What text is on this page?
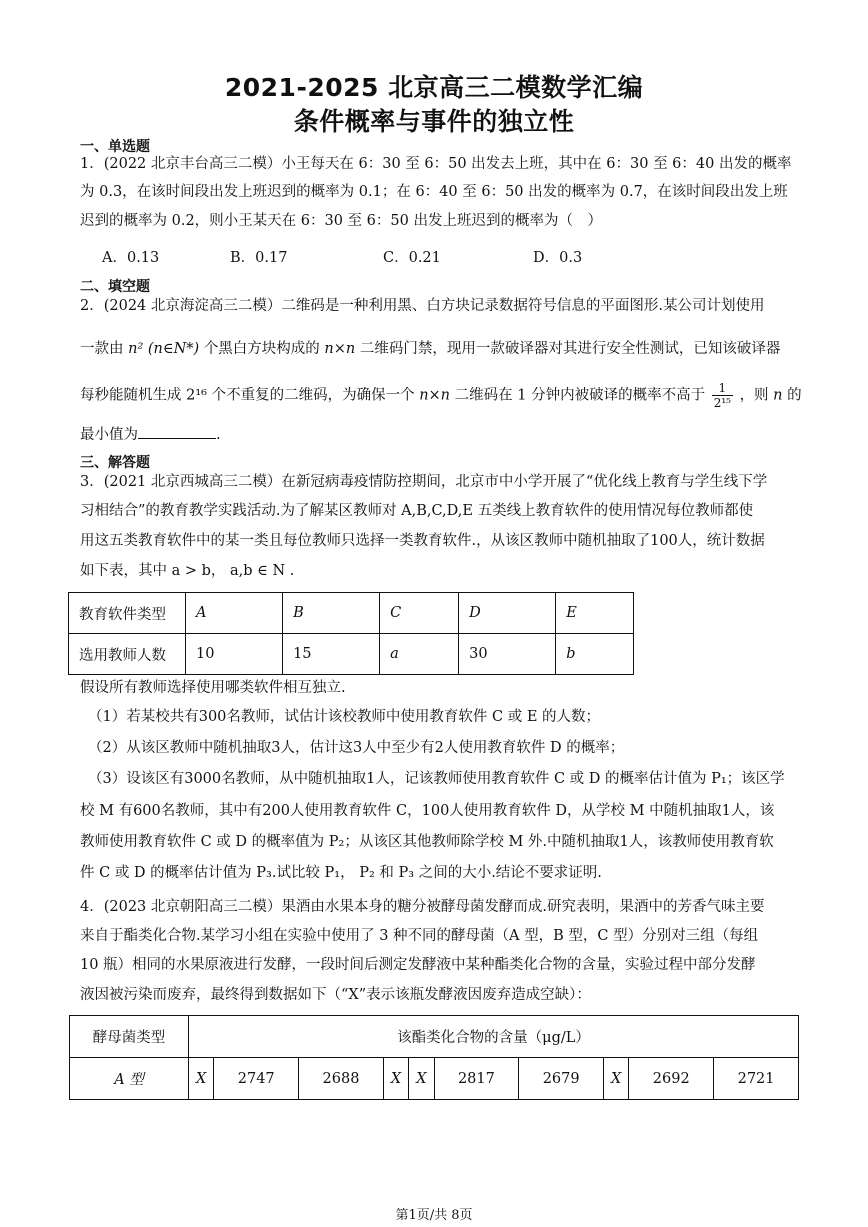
2021-2025 北京高三二模数学汇编
条件概率与事件的独立性
一、单选题
1．(2022 北京丰台高三二模）小王每天在 6：30 至 6：50 出发去上班，其中在 6：30 至 6：40 出发的概率
为 0.3，在该时间段出发上班迟到的概率为 0.1；在 6：40 至 6：50 出发的概率为 0.7，在该时间段出发上班
迟到的概率为 0.2，则小王某天在 6：30 至 6：50 出发上班迟到的概率为（　）
A．0.13	B．0.17	C．0.21	D．0.3
二、填空题
2．(2024 北京海淀高三二模）二维码是一种利用黑、白方块记录数据符号信息的平面图形.某公司计划使用
一款由 n² (n∈N*) 个黑白方块构成的 n×n 二维码门禁，现用一款破译器对其进行安全性测试，已知该破译器
每秒能随机生成 2¹⁶ 个不重复的二维码，为确保一个 n×n 二维码在 1 分钟内被破译的概率不高于 $\frac{1}{\text{2¹⁵}}$ ，则 n 的
最小值为	.
三、解答题
3．(2021 北京西城高三二模）在新冠病毒疫情防控期间，北京市中小学开展了“优化线上教育与学生线下学
习相结合”的教育教学实践活动.为了解某区教师对 A,B,C,D,E 五类线上教育软件的使用情况每位教师都使
用这五类教育软件中的某一类且每位教师只选择一类教育软件.，从该区教师中随机抽取了100人，统计数据
如下表，其中 a > b， a,b ∈ N .
教育软件类型	A	B	C	D	E
选用教师人数	10	15	a	30	b
假设所有教师选择使用哪类软件相互独立.
（1）若某校共有300名教师，试估计该校教师中使用教育软件 C 或 E 的人数；
（2）从该区教师中随机抽取3人，估计这3人中至少有2人使用教育软件 D 的概率；
（3）设该区有3000名教师，从中随机抽取1人，记该教师使用教育软件 C 或 D 的概率估计值为 P₁；该区学
校 M 有600名教师，其中有200人使用教育软件 C，100人使用教育软件 D，从学校 M 中随机抽取1人，该
教师使用教育软件 C 或 D 的概率值为 P₂；从该区其他教师除学校 M 外.中随机抽取1人，该教师使用教育软
件 C 或 D 的概率估计值为 P₃.试比较 P₁， P₂ 和 P₃ 之间的大小.结论不要求证明.
4．(2023 北京朝阳高三二模）果酒由水果本身的糖分被酵母菌发酵而成.研究表明，果酒中的芳香气味主要
来自于酯类化合物.某学习小组在实验中使用了 3 种不同的酵母菌（A 型，B 型，C 型）分别对三组（每组
10 瓶）相同的水果原液进行发酵，一段时间后测定发酵液中某种酯类化合物的含量，实验过程中部分发酵
液因被污染而废弃，最终得到数据如下（“X”表示该瓶发酵液因废弃造成空缺）：
酵母菌类型	该酯类化合物的含量（μg/L）									
A 型	X	2747	2688	X	X	2817	2679	X	2692	2721
第1页/共 8页
